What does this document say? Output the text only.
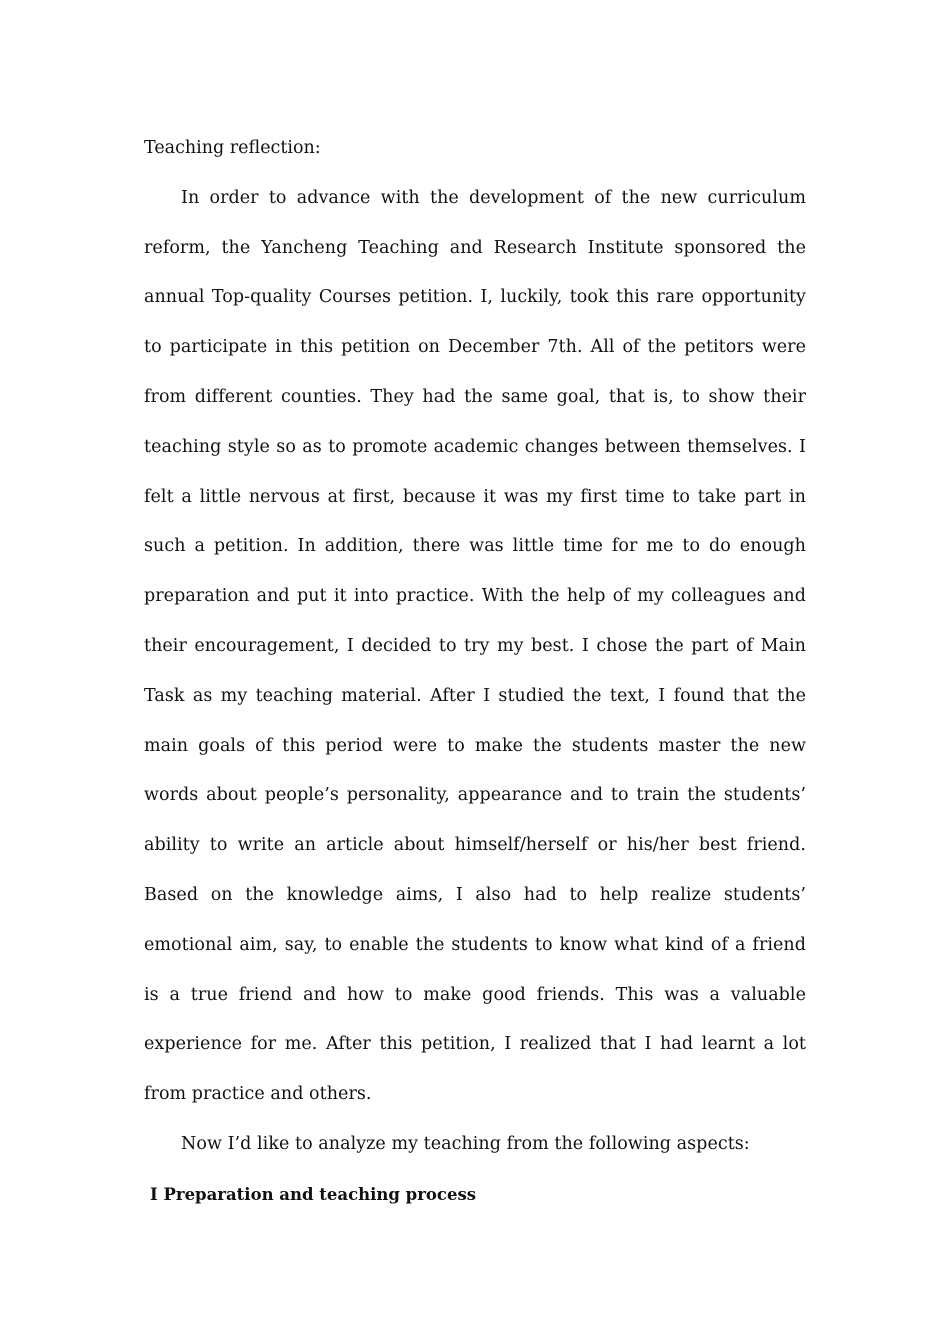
Teaching reflection:

In order to advance with the development of the new curriculum reform, the Yancheng Teaching and Research Institute sponsored the annual Top-quality Courses petition. I, luckily, took this rare opportunity to participate in this petition on December 7th. All of the petitors were from different counties. They had the same goal, that is, to show their teaching style so as to promote academic changes between themselves. I felt a little nervous at first, because it was my first time to take part in such a petition. In addition, there was little time for me to do enough preparation and put it into practice. With the help of my colleagues and their encouragement, I decided to try my best. I chose the part of Main Task as my teaching material. After I studied the text, I found that the main goals of this period were to make the students master the new words about people’s personality, appearance and to train the students’ ability to write an article about himself/herself or his/her best friend. Based on the knowledge aims, I also had to help realize students’ emotional aim, say, to enable the students to know what kind of a friend is a true friend and how to make good friends. This was a valuable experience for me. After this petition, I realized that I had learnt a lot from practice and others.

Now I’d like to analyze my teaching from the following aspects:

I Preparation and teaching process
